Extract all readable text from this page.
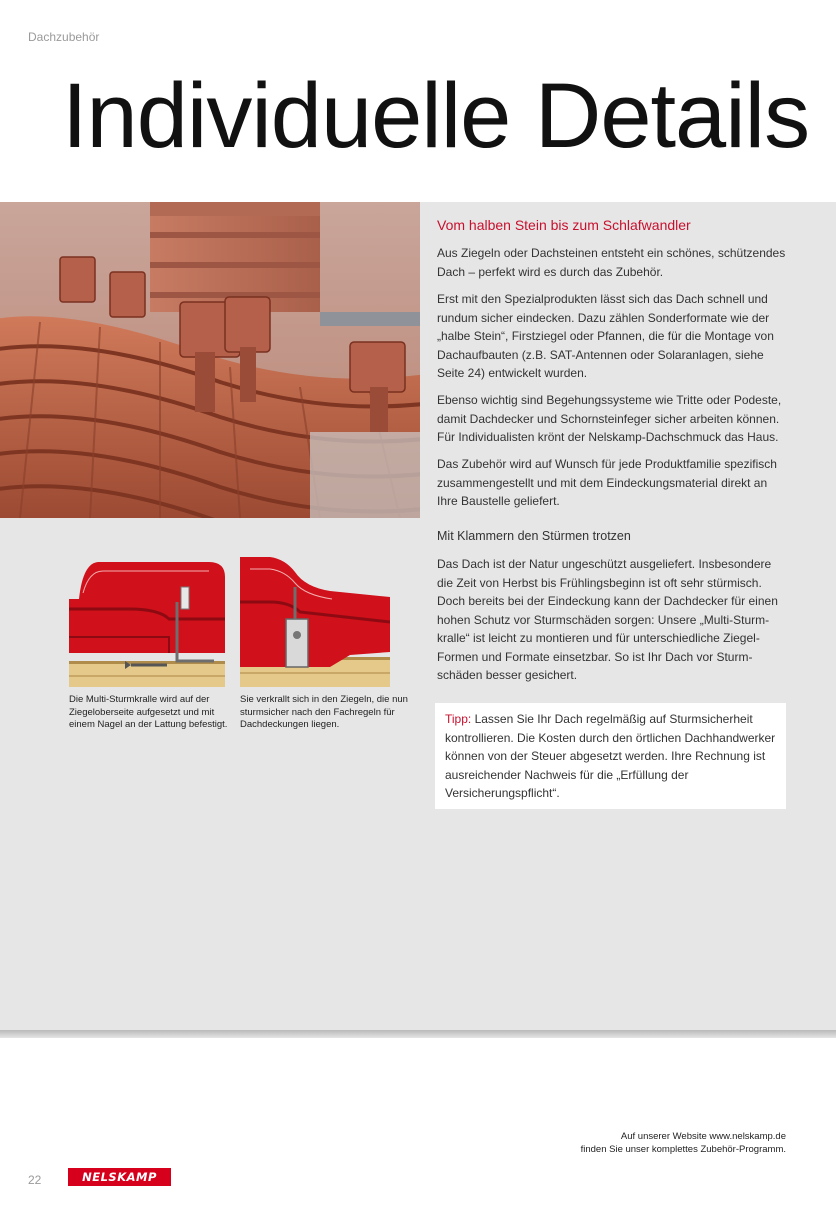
Dachzubehör
Individuelle Details
Vom halben Stein bis zum Schlafwandler

Aus Ziegeln oder Dachsteinen entsteht ein schönes, schützendes Dach – perfekt wird es durch das Zubehör.

Erst mit den Spezialprodukten lässt sich das Dach schnell und rundum sicher eindecken. Dazu zählen Sonderformate wie der „halbe Stein“, Firstziegel oder Pfannen, die für die Montage von Dachaufbauten (z.B. SAT-Antennen oder Solaranlagen, siehe Seite 24) entwickelt wurden.

Ebenso wichtig sind Begehungssysteme wie Tritte oder Podeste, damit Dachdecker und Schornsteinfeger sicher arbeiten können. Für Individualisten krönt der Nelskamp-Dachschmuck das Haus.

Das Zubehör wird auf Wunsch für jede Produktfamilie spezifisch zusammengestellt und mit dem Eindeckungsmaterial direkt an Ihre Baustelle geliefert.

Mit Klammern den Stürmen trotzen

Das Dach ist der Natur ungeschützt ausgeliefert. Insbesondere die Zeit von Herbst bis Frühlingsbeginn ist oft sehr stürmisch. Doch bereits bei der Eindeckung kann der Dachdecker für einen hohen Schutz vor Sturmschäden sorgen: Unsere „Multi-Sturmkralle“ ist leicht zu montieren und für unterschiedliche Ziegel-Formen und Formate einsetzbar. So ist Ihr Dach vor Sturmschäden besser gesichert.

Tipp: Lassen Sie Ihr Dach regelmäßig auf Sturmsicherheit kontrollieren. Die Kosten durch den örtlichen Dachhandwerker können von der Steuer abgesetzt werden. Ihre Rechnung ist ausreichender Nachweis für die „Erfüllung der Versicherungspflicht“.

Die Multi-Sturmkralle wird auf der Ziegeloberseite aufgesetzt und mit einem Nagel an der Lattung befestigt.

Sie verkrallt sich in den Ziegeln, die nun sturmsicher nach den Fachregeln für Dachdeckungen liegen.

Auf unserer Website www.nelskamp.de
finden Sie unser komplettes Zubehör-Programm.
22	NELSKAMP
